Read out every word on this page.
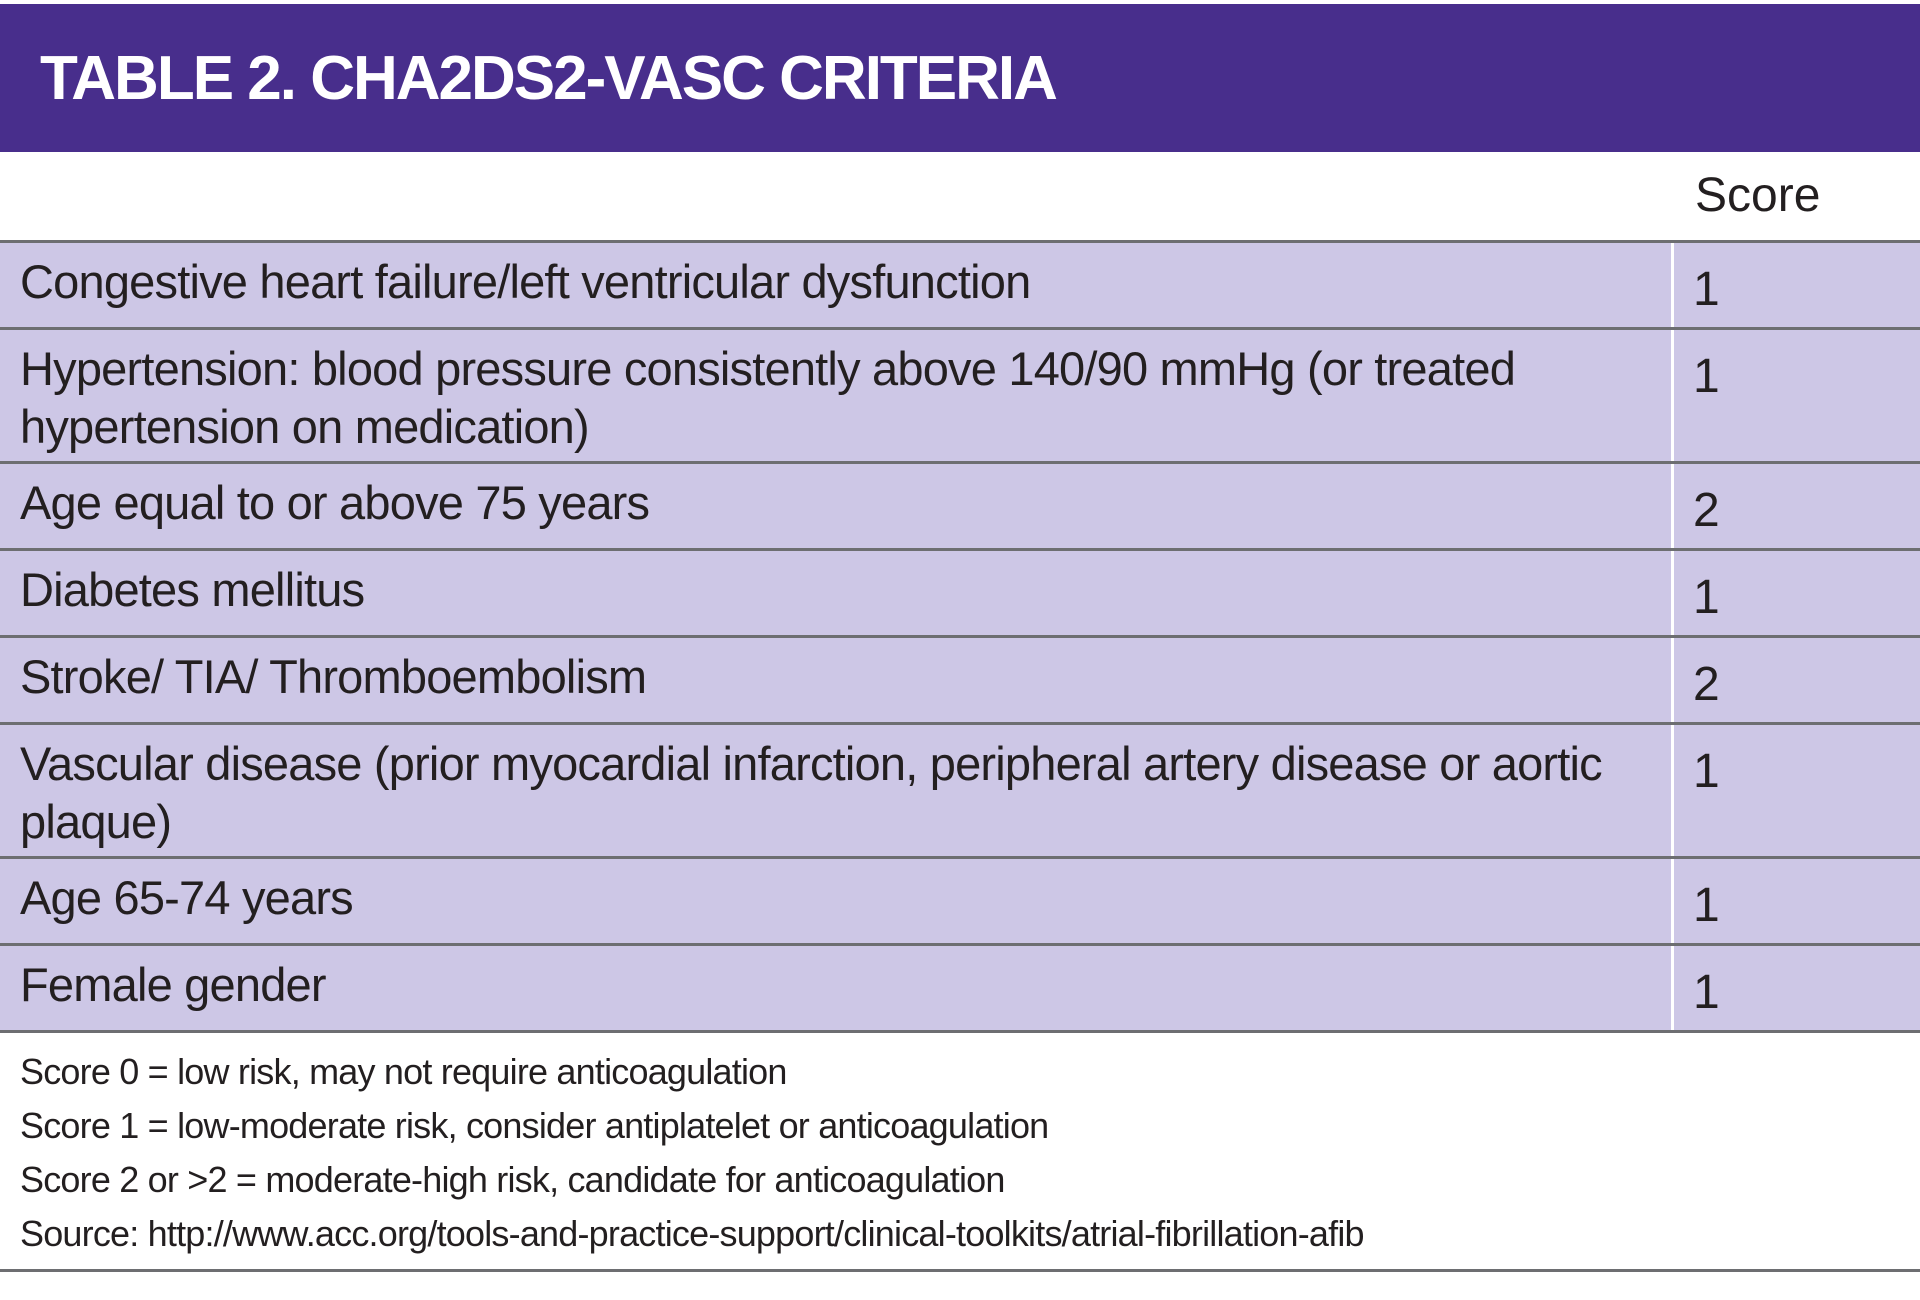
TABLE 2. CHA2DS2-VASC CRITERIA
Score
Congestive heart failure/left ventricular dysfunction	1
Hypertension: blood pressure consistently above 140/90 mmHg (or treated hypertension on medication)
1
Age equal to or above 75 years	2
Diabetes mellitus	1
Stroke/ TIA/ Thromboembolism	2
Vascular disease (prior myocardial infarction, peripheral artery disease or aortic plaque)
1
Age 65-74 years	1
Female gender	1
Score 0 = low risk, may not require anticoagulation
Score 1 = low-moderate risk, consider antiplatelet or anticoagulation
Score 2 or >2 = moderate-high risk, candidate for anticoagulation
Source: http://www.acc.org/tools-and-practice-support/clinical-toolkits/atrial-fibrillation-afib
